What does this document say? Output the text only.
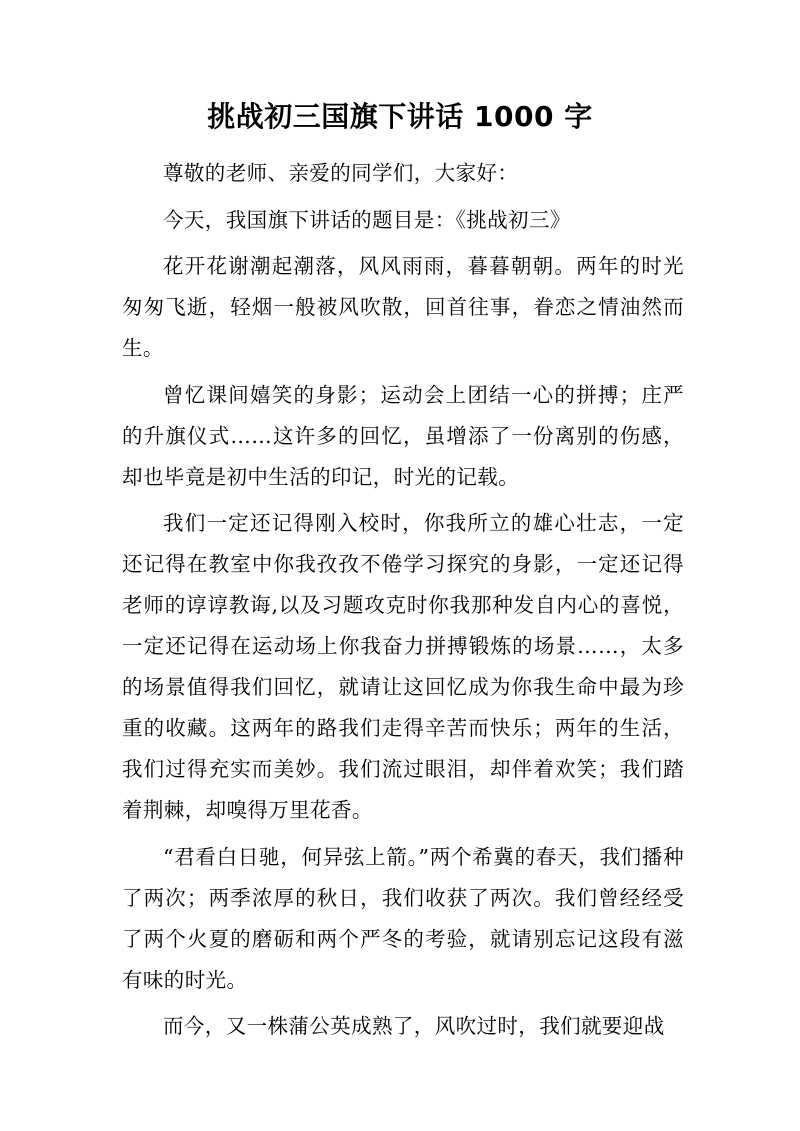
挑战初三国旗下讲话 1000 字

尊敬的老师、亲爱的同学们，大家好：

今天，我国旗下讲话的题目是：《挑战初三》

花开花谢潮起潮落，风风雨雨，暮暮朝朝。两年的时光匆匆飞逝，轻烟一般被风吹散，回首往事，眷恋之情油然而生。

曾忆课间嬉笑的身影；运动会上团结一心的拼搏；庄严的升旗仪式……这许多的回忆，虽增添了一份离别的伤感，却也毕竟是初中生活的印记，时光的记载。

我们一定还记得刚入校时，你我所立的雄心壮志，一定还记得在教室中你我孜孜不倦学习探究的身影，一定还记得老师的谆谆教诲,以及习题攻克时你我那种发自内心的喜悦，一定还记得在运动场上你我奋力拼搏锻炼的场景……，太多的场景值得我们回忆，就请让这回忆成为你我生命中最为珍重的收藏。这两年的路我们走得辛苦而快乐；两年的生活，我们过得充实而美妙。我们流过眼泪，却伴着欢笑；我们踏着荆棘，却嗅得万里花香。

“君看白日驰，何异弦上箭。”两个希冀的春天，我们播种了两次；两季浓厚的秋日，我们收获了两次。我们曾经经受了两个火夏的磨砺和两个严冬的考验，就请别忘记这段有滋有味的时光。

而今，又一株蒲公英成熟了，风吹过时，我们就要迎战
